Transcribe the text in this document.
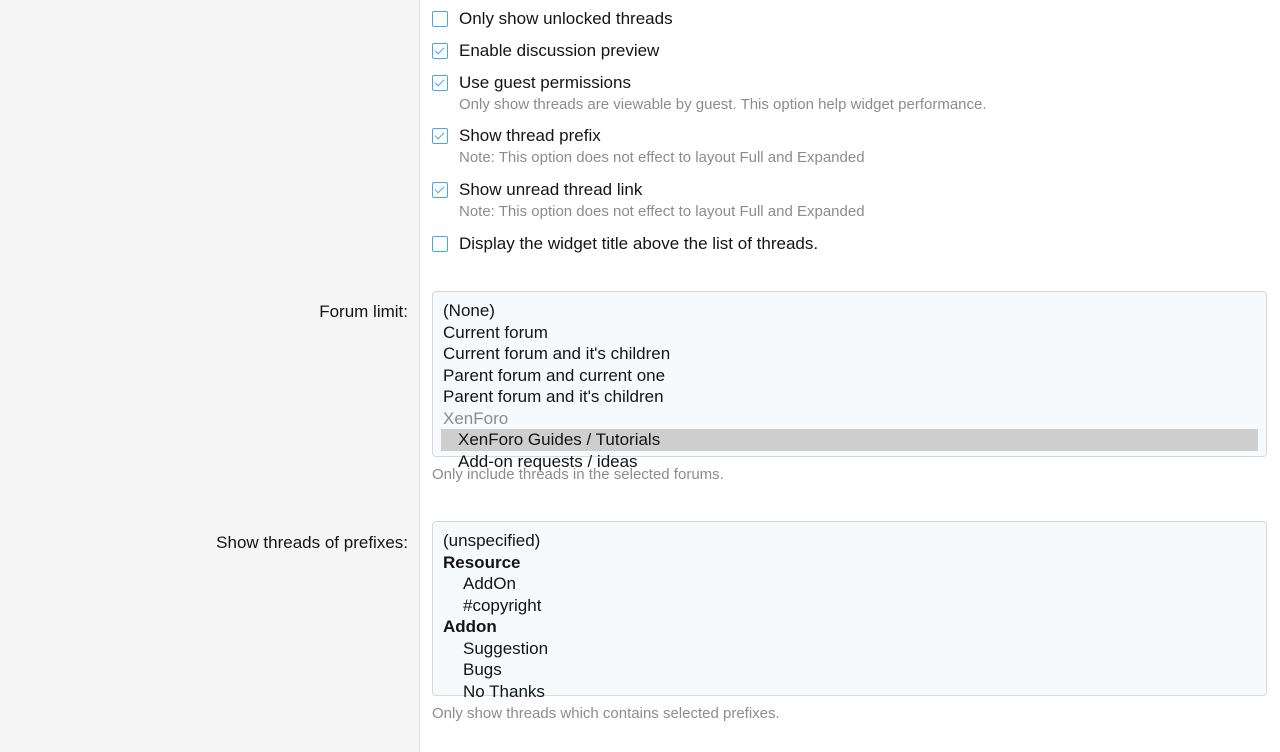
Only show unlocked threads
Enable discussion preview
Use guest permissions
Only show threads are viewable by guest. This option help widget performance.
Show thread prefix
Note: This option does not effect to layout Full and Expanded
Show unread thread link
Note: This option does not effect to layout Full and Expanded
Display the widget title above the list of threads.
Forum limit:	(None)
Current forum
Current forum and it's children
Parent forum and current one
Parent forum and it's children
XenForo
XenForo Guides / Tutorials
Add-on requests / ideas
Only include threads in the selected forums.
Show threads of prefixes:	(unspecified)
Resource
AddOn
#copyright
Addon
Suggestion
Bugs
No Thanks
Only show threads which contains selected prefixes.
